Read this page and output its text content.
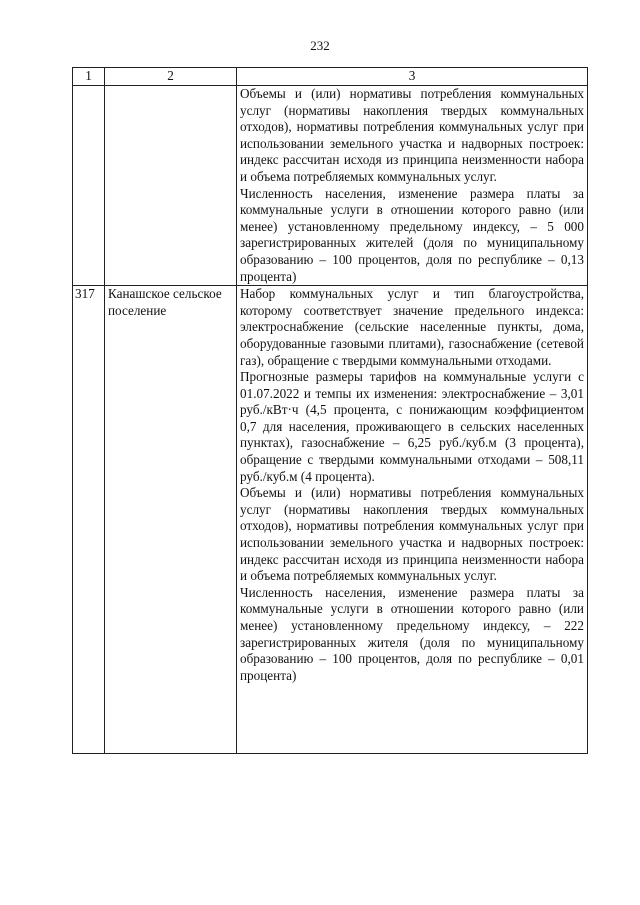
232
1	2	3

		Объемы и (или) нормативы потребления коммунальных услуг (нормативы накопления твердых коммунальных отходов), нормативы потребления коммунальных услуг при использовании земельного участка и надворных построек: индекс рассчитан исходя из принципа неизменности набора и объема потребляемых коммунальных услуг.
Численность населения, изменение размера платы за коммунальные услуги в отношении которого равно (или менее) установленному предельному индексу, – 5 000 зарегистрированных жителей (доля по муниципальному образованию – 100 процентов, доля по республике – 0,13 процента)

317	Канашское сельское поселение	Набор коммунальных услуг и тип благоустройства, которому соответствует значение предельного индекса: электроснабжение (сельские населенные пункты, дома, оборудованные газовыми плитами), газоснабжение (сетевой газ), обращение с твердыми коммунальными отходами.
Прогнозные размеры тарифов на коммунальные услуги с 01.07.2022 и темпы их изменения: электроснабжение – 3,01 руб./кВт·ч (4,5 процента, с понижающим коэффициентом 0,7 для населения, проживающего в сельских населенных пунктах), газоснабжение – 6,25 руб./куб.м (3 процента), обращение с твердыми коммунальными отходами – 508,11 руб./куб.м (4 процента).
Объемы и (или) нормативы потребления коммунальных услуг (нормативы накопления твердых коммунальных отходов), нормативы потребления коммунальных услуг при использовании земельного участка и надворных построек: индекс рассчитан исходя из принципа неизменности набора и объема потребляемых коммунальных услуг.
Численность населения, изменение размера платы за коммунальные услуги в отношении которого равно (или менее) установленному предельному индексу, – 222 зарегистрированных жителя (доля по муниципальному образованию – 100 процентов, доля по республике – 0,01 процента)
